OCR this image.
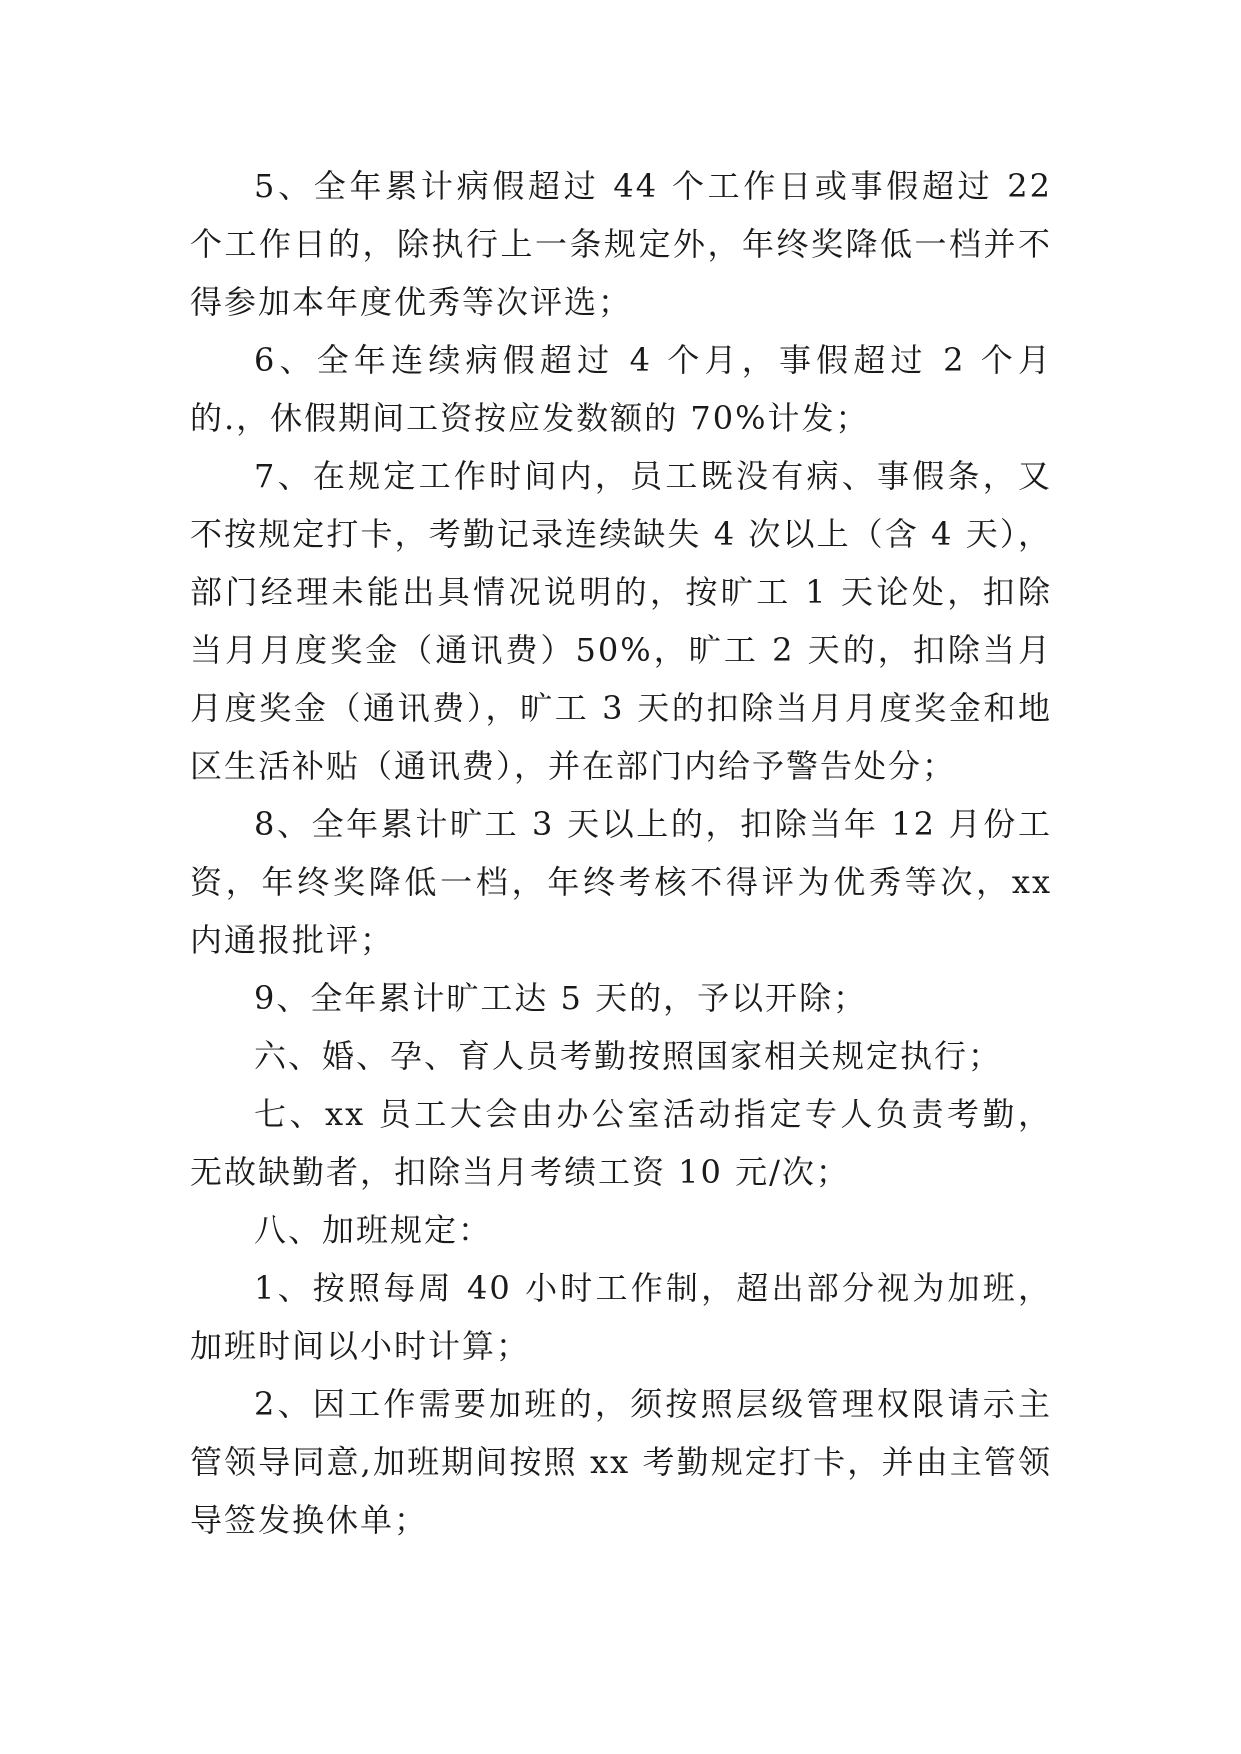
5、全年累计病假超过 44 个工作日或事假超过 22 个工作日的，除执行上一条规定外，年终奖降低一档并不得参加本年度优秀等次评选；

6、全年连续病假超过 4 个月，事假超过 2 个月的.，休假期间工资按应发数额的 70%计发；

7、在规定工作时间内，员工既没有病、事假条，又不按规定打卡，考勤记录连续缺失 4 次以上（含 4 天），部门经理未能出具情况说明的，按旷工 1 天论处，扣除当月月度奖金（通讯费）50%，旷工 2 天的，扣除当月月度奖金（通讯费），旷工 3 天的扣除当月月度奖金和地区生活补贴（通讯费），并在部门内给予警告处分；

8、全年累计旷工 3 天以上的，扣除当年 12 月份工资，年终奖降低一档，年终考核不得评为优秀等次，xx 内通报批评；

9、全年累计旷工达 5 天的，予以开除；

六、婚、孕、育人员考勤按照国家相关规定执行；

七、xx 员工大会由办公室活动指定专人负责考勤，无故缺勤者，扣除当月考绩工资 10 元/次；

八、加班规定：

1、按照每周 40 小时工作制，超出部分视为加班，加班时间以小时计算；

2、因工作需要加班的，须按照层级管理权限请示主管领导同意,加班期间按照 xx 考勤规定打卡，并由主管领导签发换休单；
